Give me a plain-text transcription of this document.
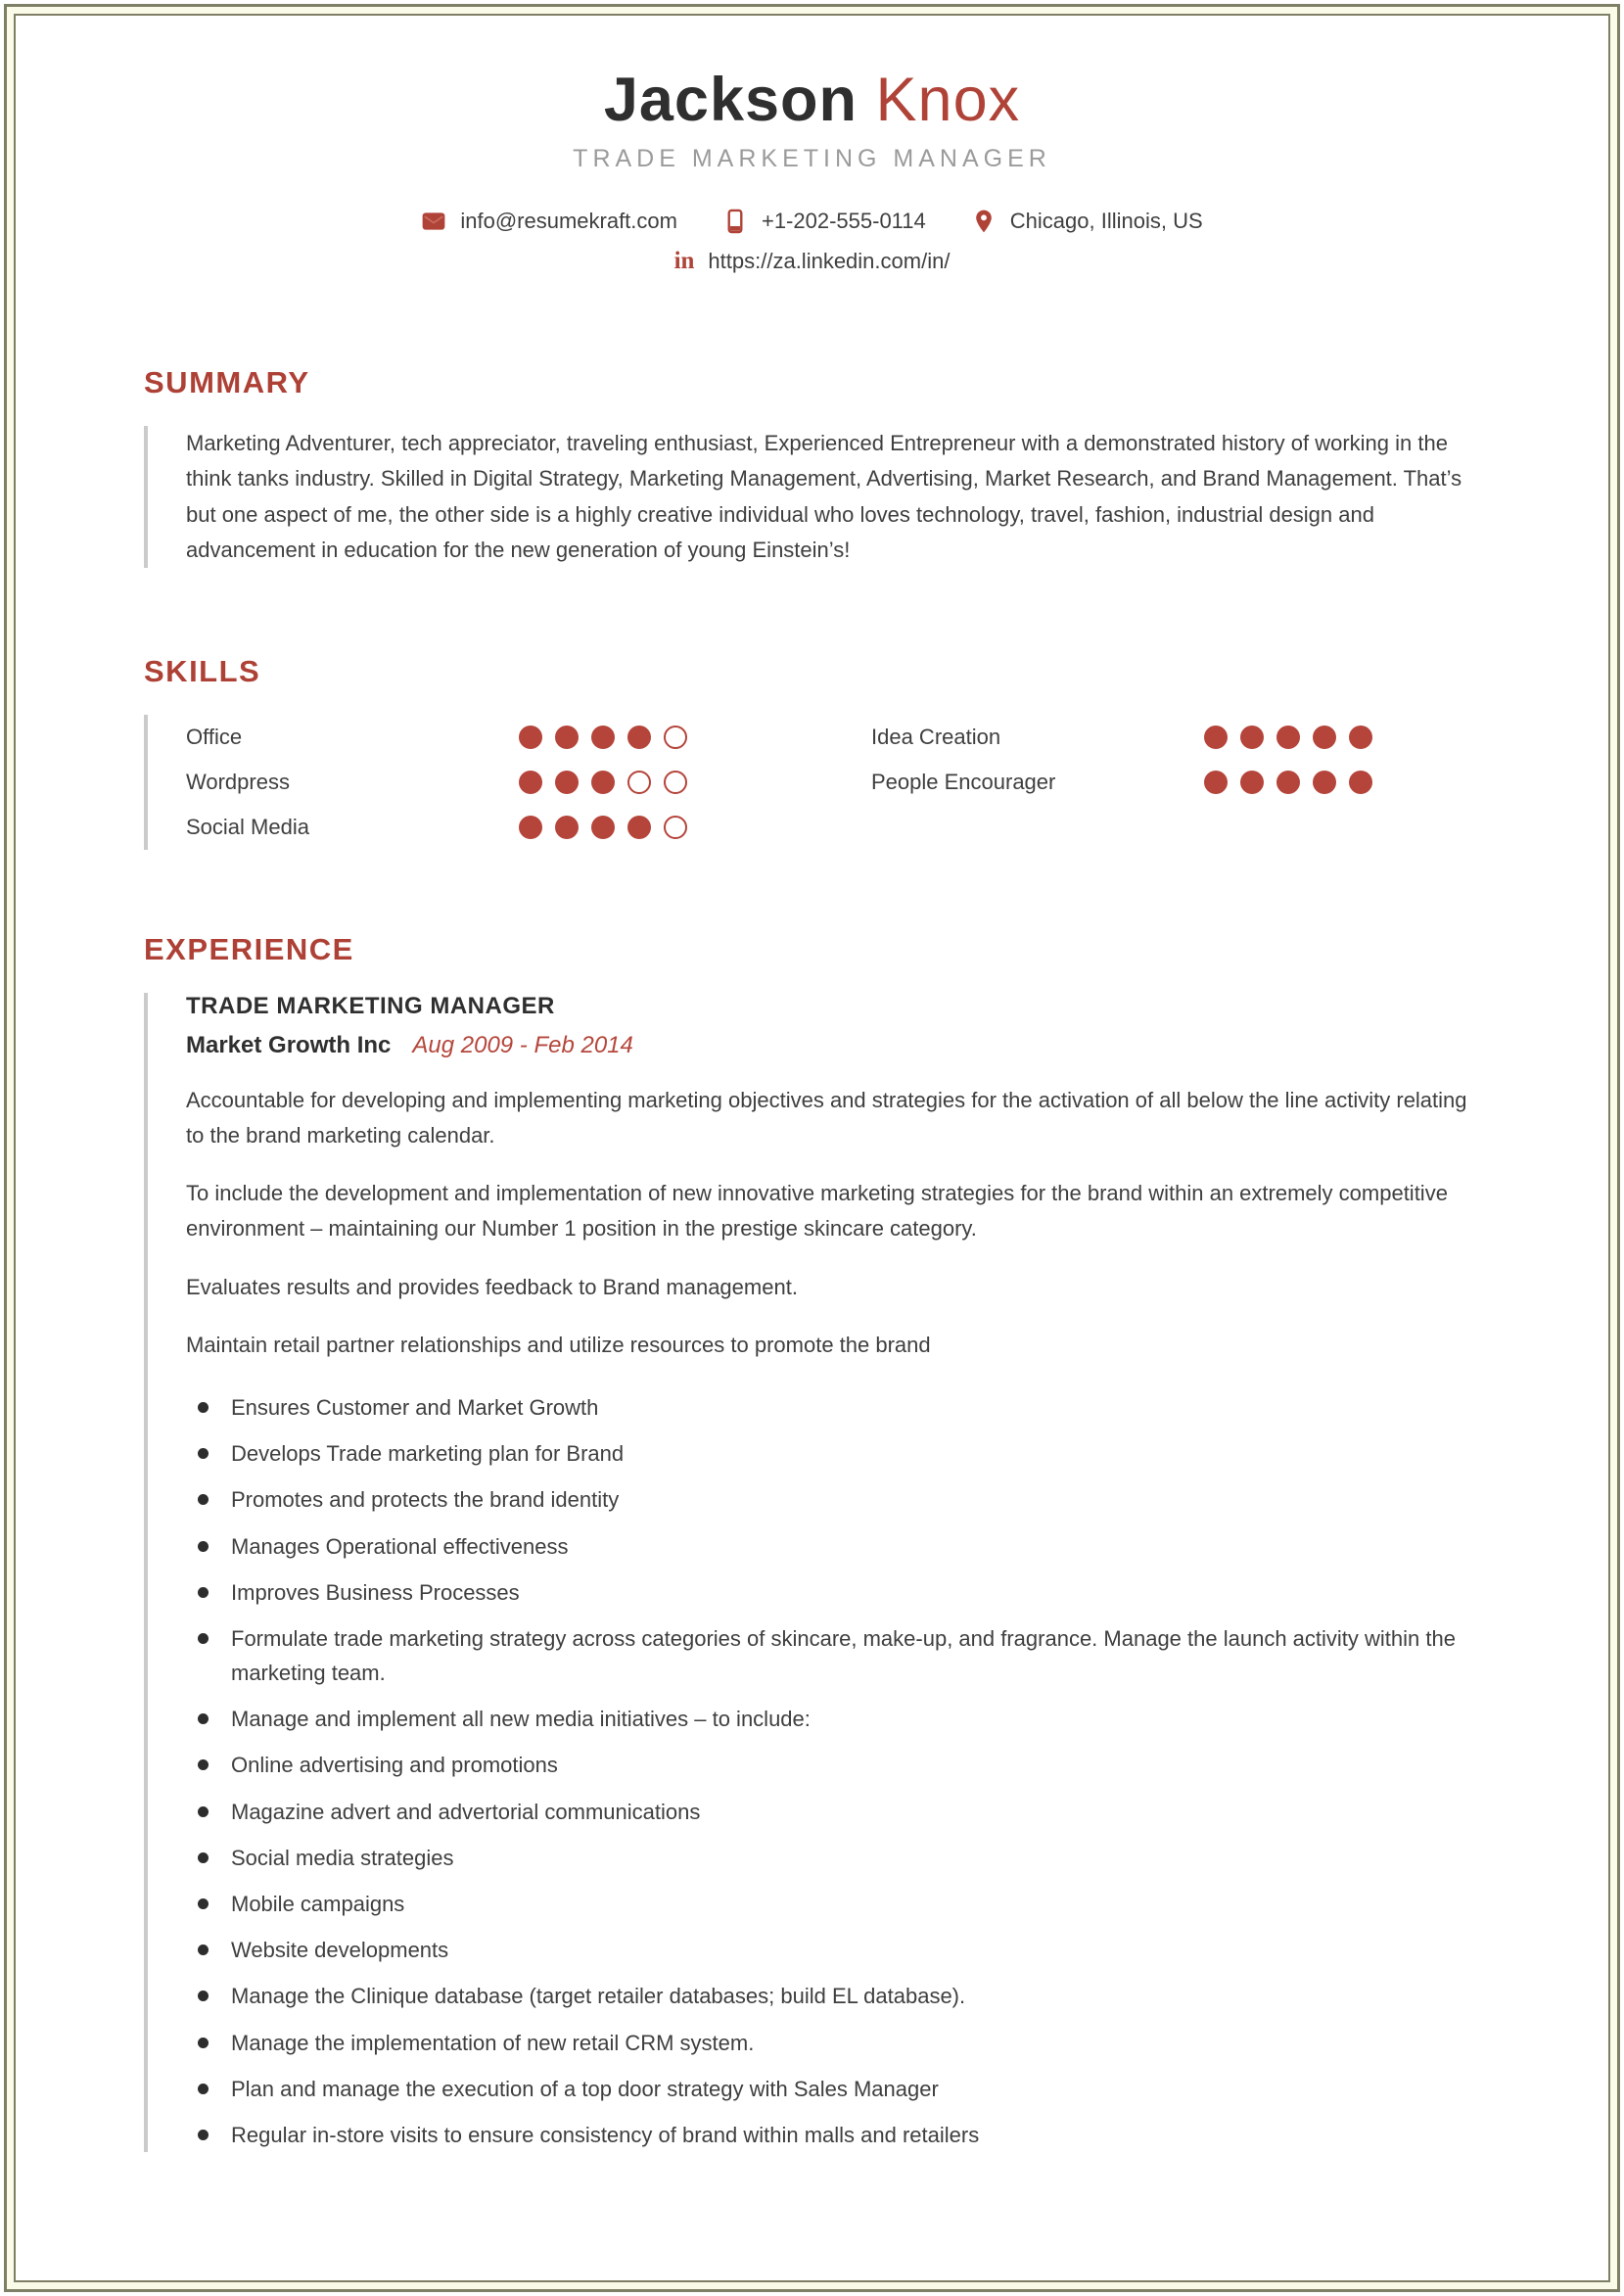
Jackson Knox
TRADE MARKETING MANAGER
info@resumekraft.com	+1-202-555-0114	Chicago, Illinois, US
in https://za.linkedin.com/in/
SUMMARY

Marketing Adventurer, tech appreciator, traveling enthusiast, Experienced Entrepreneur with a demonstrated history of working in the think tanks industry. Skilled in Digital Strategy, Marketing Management, Advertising, Market Research, and Brand Management. That’s but one aspect of me, the other side is a highly creative individual who loves technology, travel, fashion, industrial design and advancement in education for the new generation of young Einstein’s!

SKILLS
Office
Wordpress
Social Media
Idea Creation
People Encourager
EXPERIENCE
TRADE MARKETING MANAGER
Market Growth Inc Aug 2009 - Feb 2014

Accountable for developing and implementing marketing objectives and strategies for the activation of all below the line activity relating to the brand marketing calendar.

To include the development and implementation of new innovative marketing strategies for the brand within an extremely competitive environment – maintaining our Number 1 position in the prestige skincare category.

Evaluates results and provides feedback to Brand management.

Maintain retail partner relationships and utilize resources to promote the brand

Ensures Customer and Market Growth
Develops Trade marketing plan for Brand
Promotes and protects the brand identity
Manages Operational effectiveness
Improves Business Processes
Formulate trade marketing strategy across categories of skincare, make-up, and fragrance. Manage the launch activity within the marketing team.
Manage and implement all new media initiatives – to include:
Online advertising and promotions
Magazine advert and advertorial communications
Social media strategies
Mobile campaigns
Website developments
Manage the Clinique database (target retailer databases; build EL database).
Manage the implementation of new retail CRM system.
Plan and manage the execution of a top door strategy with Sales Manager
Regular in-store visits to ensure consistency of brand within malls and retailers
